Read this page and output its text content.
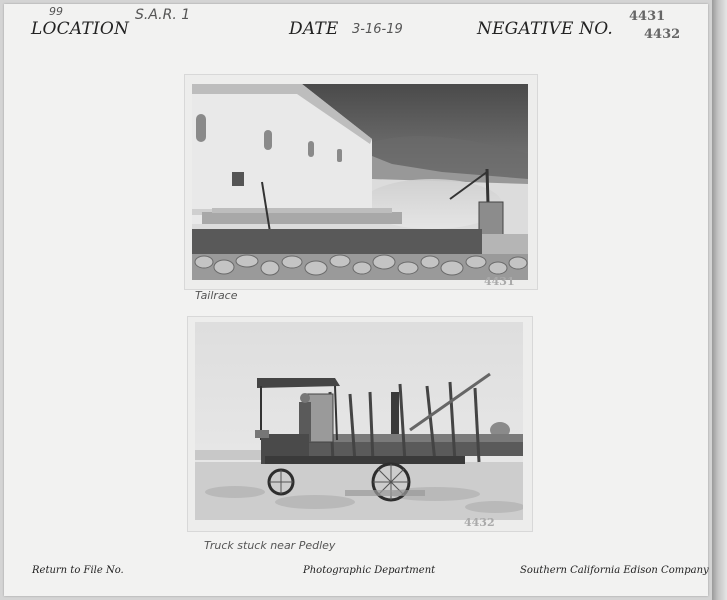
99
LOCATION
S.A.R. 1
DATE 3-16-19	NEGATIVE NO.
4431
4432
4431
Tailrace
4432
Truck stuck near Pedley
Return to File No.	Photographic Department	Southern California Edison Company
